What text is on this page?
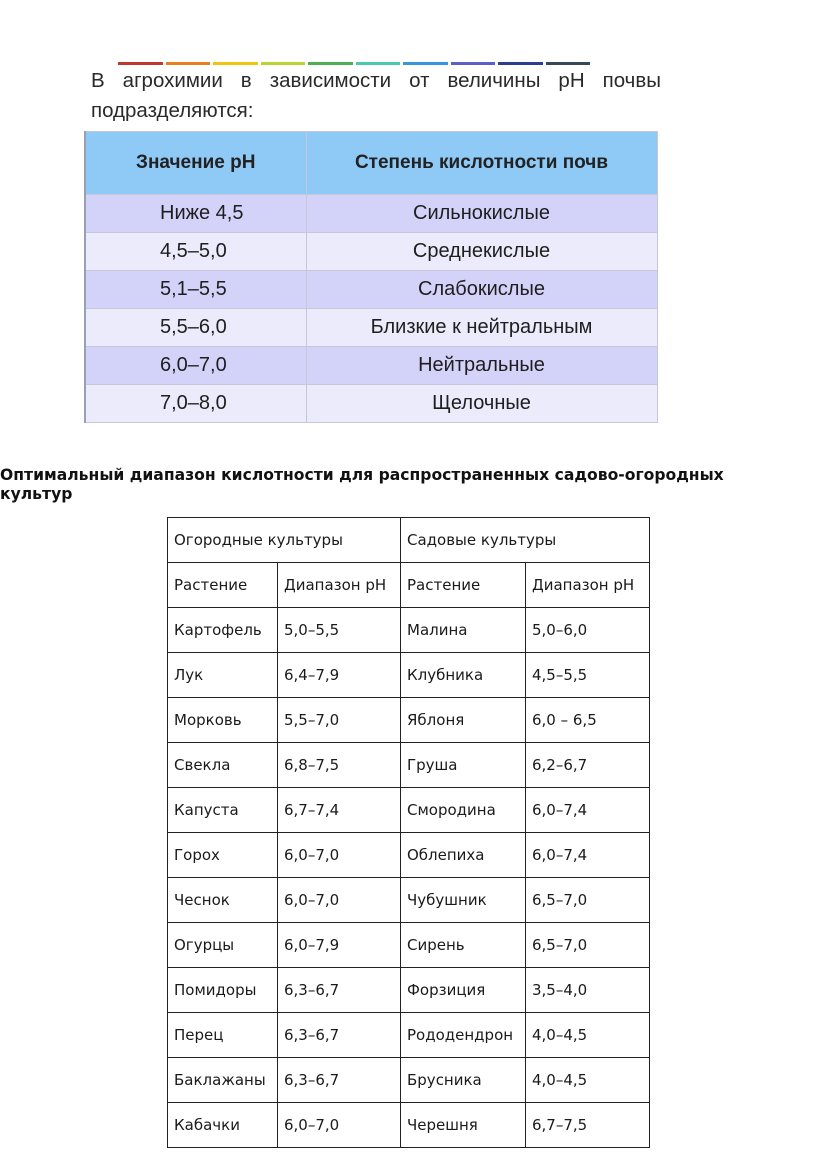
В агрохимии в зависимости от величины pH почвы подразделяются:
Значение pH	Степень кислотности почв
Ниже 4,5	Сильнокислые
4,5–5,0	Среднекислые
5,1–5,5	Слабокислые
5,5–6,0	Близкие к нейтральным
6,0–7,0	Нейтральные
7,0–8,0	Щелочные
Оптимальный диапазон кислотности для распространенных садово-огородных культур
Огородные культуры		Садовые культуры	
Растение	Диапазон pH	Растение	Диапазон pH
Картофель	5,0–5,5	Малина	5,0–6,0
Лук	6,4–7,9	Клубника	4,5–5,5
Морковь	5,5–7,0	Яблоня	6,0 – 6,5
Свекла	6,8–7,5	Груша	6,2–6,7
Капуста	6,7–7,4	Смородина	6,0–7,4
Горох	6,0–7,0	Облепиха	6,0–7,4
Чеснок	6,0–7,0	Чубушник	6,5–7,0
Огурцы	6,0–7,9	Сирень	6,5–7,0
Помидоры	6,3–6,7	Форзиция	3,5–4,0
Перец	6,3–6,7	Рододендрон	4,0–4,5
Баклажаны	6,3–6,7	Брусника	4,0–4,5
Кабачки	6,0–7,0	Черешня	6,7–7,5
